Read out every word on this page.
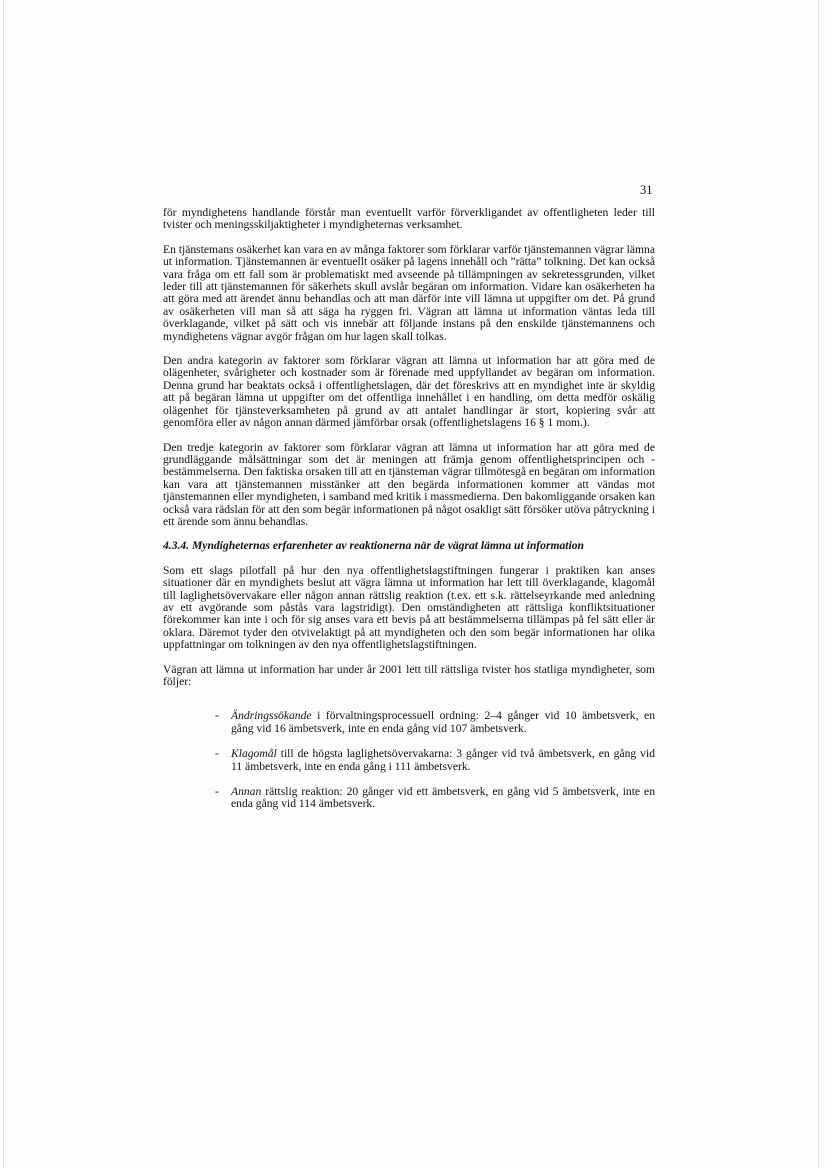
31

för myndighetens handlande förstår man eventuellt varför förverkligandet av offentligheten leder till tvister och meningsskiljaktigheter i myndigheternas verksamhet.

En tjänstemans osäkerhet kan vara en av många faktorer som förklarar varför tjänstemannen vägrar lämna ut information. Tjänstemannen är eventuellt osäker på lagens innehåll och ”rätta” tolkning. Det kan också vara fråga om ett fall som är problematiskt med avseende på tillämpningen av sekretessgrunden, vilket leder till att tjänstemannen för säkerhets skull avslår begäran om information. Vidare kan osäkerheten ha att göra med att ärendet ännu behandlas och att man därför inte vill lämna ut uppgifter om det. På grund av osäkerheten vill man så att säga ha ryggen fri. Vägran att lämna ut information väntas leda till överklagande, vilket på sätt och vis innebär att följande instans på den enskilde tjänstemannens och myndighetens vägnar avgör frågan om hur lagen skall tolkas.

Den andra kategorin av faktorer som förklarar vägran att lämna ut information har att göra med de olägenheter, svårigheter och kostnader som är förenade med uppfyllandet av begäran om information. Denna grund har beaktats också i offentlighetslagen, där det föreskrivs att en myndighet inte är skyldig att på begäran lämna ut uppgifter om det offentliga innehållet i en handling, om detta medför oskälig olägenhet för tjänsteverksamheten på grund av att antalet handlingar är stort, kopiering svår att genomföra eller av någon annan därmed jämförbar orsak (offentlighetslagens 16 § 1 mom.).

Den tredje kategorin av faktorer som förklarar vägran att lämna ut information har att göra med de grundläggande målsättningar som det är meningen att främja genom offentlighetsprincipen och -bestämmelserna. Den faktiska orsaken till att en tjänsteman vägrar tillmötesgå en begäran om information kan vara att tjänstemannen misstänker att den begärda informationen kommer att vändas mot tjänstemannen eller myndigheten, i samband med kritik i massmedierna. Den bakomliggande orsaken kan också vara rädslan för att den som begär informationen på något osakligt sätt försöker utöva påtryckning i ett ärende som ännu behandlas.

4.3.4. Myndigheternas erfarenheter av reaktionerna när de vägrat lämna ut information

Som ett slags pilotfall på hur den nya offentlighetslagstiftningen fungerar i praktiken kan anses situationer där en myndighets beslut att vägra lämna ut information har lett till överklagande, klagomål till laglighetsövervakare eller någon annan rättslig reaktion (t.ex. ett s.k. rättelseyrkande med anledning av ett avgörande som påstås vara lagstridigt). Den omständigheten att rättsliga konfliktsituationer förekommer kan inte i och för sig anses vara ett bevis på att bestämmelserna tillämpas på fel sätt eller är oklara. Däremot tyder den otvivelaktigt på att myndigheten och den som begär informationen har olika uppfattningar om tolkningen av den nya offentlighetslagstiftningen.

Vägran att lämna ut information har under år 2001 lett till rättsliga tvister hos statliga myndigheter, som följer:

- Ändringssökande i förvaltningsprocessuell ordning: 2–4 gånger vid 10 ämbetsverk, en gång vid 16 ämbetsverk, inte en enda gång vid 107 ämbetsverk.
- Klagomål till de högsta laglighetsövervakarna: 3 gånger vid två ämbetsverk, en gång vid 11 ämbetsverk, inte en enda gång i 111 ämbetsverk.
- Annan rättslig reaktion: 20 gånger vid ett ämbetsverk, en gång vid 5 ämbetsverk, inte en enda gång vid 114 ämbetsverk.
